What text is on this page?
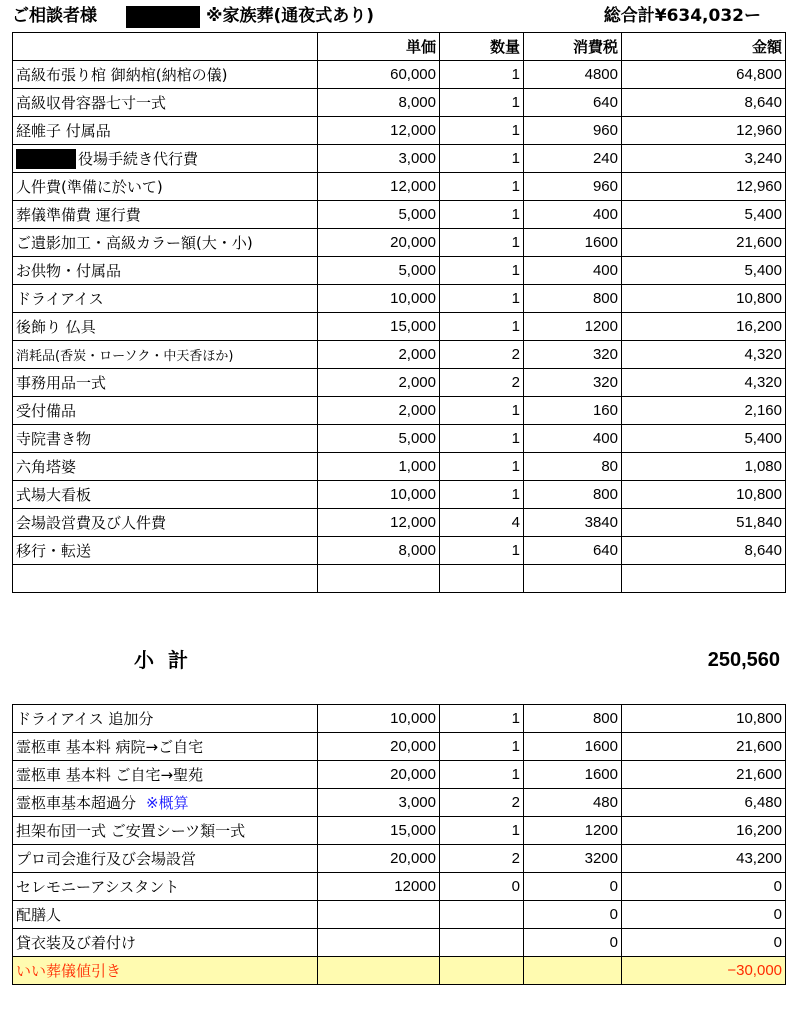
ご相談者様	※家族葬(通夜式あり)	総合計¥634,032ー
	単価	数量	消費税	金額
高級布張り棺 御納棺(納棺の儀)	60,000	1	4800	64,800
高級収骨容器七寸一式	8,000	1	640	8,640
経帷子 付属品	12,000	1	960	12,960
役場手続き代行費	3,000	1	240	3,240
人件費(準備に於いて)	12,000	1	960	12,960
葬儀準備費 運行費	5,000	1	400	5,400
ご遺影加工・高級カラー額(大・小)	20,000	1	1600	21,600
お供物・付属品	5,000	1	400	5,400
ドライアイス	10,000	1	800	10,800
後飾り 仏具	15,000	1	1200	16,200
消耗品(香炭・ローソク・中天香ほか)	2,000	2	320	4,320
事務用品一式	2,000	2	320	4,320
受付備品	2,000	1	160	2,160
寺院書き物	5,000	1	400	5,400
六角塔婆	1,000	1	80	1,080
式場大看板	10,000	1	800	10,800
会場設営費及び人件費	12,000	4	3840	51,840
移行・転送	8,000	1	640	8,640

小計	250,560
ドライアイス 追加分	10,000	1	800	10,800
霊柩車 基本料 病院→ご自宅	20,000	1	1600	21,600
霊柩車 基本料 ご自宅→聖苑	20,000	1	1600	21,600
霊柩車基本超過分 ※概算	3,000	2	480	6,480
担架布団一式 ご安置シーツ類一式	15,000	1	1200	16,200
プロ司会進行及び会場設営	20,000	2	3200	43,200
セレモニーアシスタント	12000	0	0	0
配膳人			0	0
貸衣装及び着付け			0	0
いい葬儀値引き				−30,000
